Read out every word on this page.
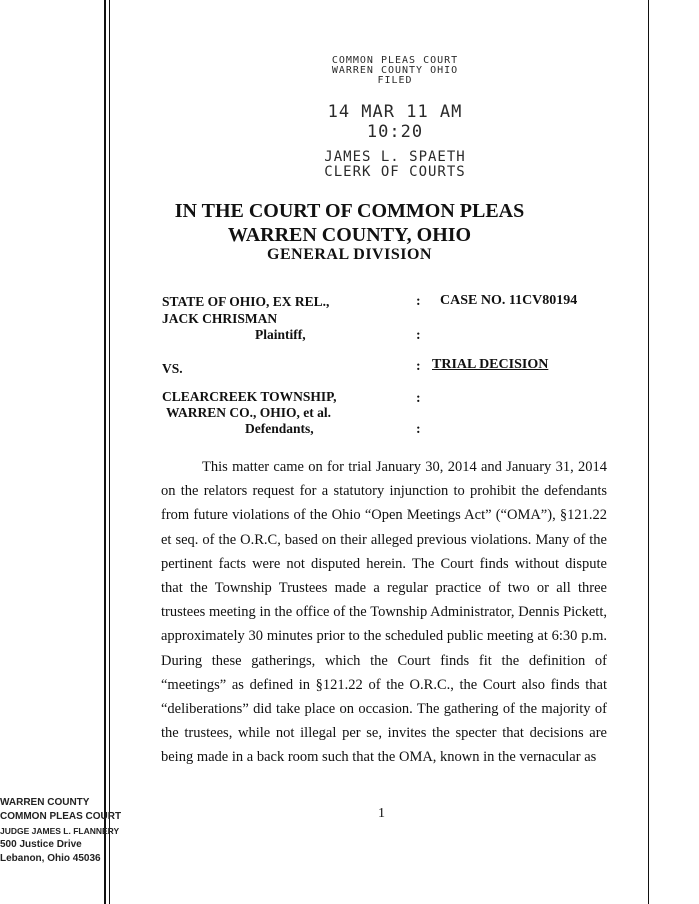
COMMON PLEAS COURT
WARREN COUNTY OHIO
FILED
14 MAR 11 AM 10:20
JAMES L. SPAETH
CLERK OF COURTS
IN THE COURT OF COMMON PLEAS
WARREN COUNTY, OHIO
GENERAL DIVISION
STATE OF OHIO, EX REL.,
JACK CHRISMAN
Plaintiff,
VS.
CLEARCREEK TOWNSHIP,
WARREN CO., OHIO, et al.
Defendants,
:
:
:
:
:
CASE NO. 11CV80194
TRIAL DECISION

This matter came on for trial January 30, 2014 and January 31, 2014 on the relators request for a statutory injunction to prohibit the defendants from future violations of the Ohio “Open Meetings Act” (“OMA”), §121.22 et seq. of the O.R.C, based on their alleged previous violations. Many of the pertinent facts were not disputed herein. The Court finds without dispute that the Township Trustees made a regular practice of two or all three trustees meeting in the office of the Township Administrator, Dennis Pickett, approximately 30 minutes prior to the scheduled public meeting at 6:30 p.m. During these gatherings, which the Court finds fit the definition of “meetings” as defined in §121.22 of the O.R.C., the Court also finds that “deliberations” did take place on occasion. The gathering of the majority of the trustees, while not illegal per se, invites the specter that decisions are being made in a back room such that the OMA, known in the vernacular as

1
WARREN COUNTY
COMMON PLEAS COURT
JUDGE JAMES L. FLANNERY
500 Justice Drive
Lebanon, Ohio 45036
